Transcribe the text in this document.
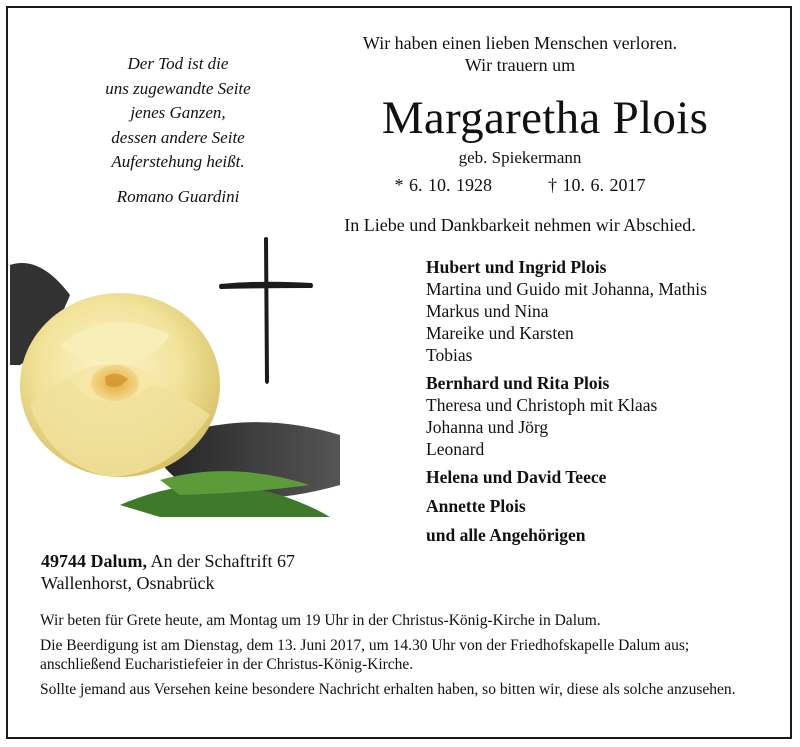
Der Tod ist die
uns zugewandte Seite
jenes Ganzen,
dessen andere Seite
Auferstehung heißt.
Romano Guardini
Wir haben einen lieben Menschen verloren.
Wir trauern um
Margaretha Plois
geb. Spiekermann
* 6. 10. 1928	† 10. 6. 2017
In Liebe und Dankbarkeit nehmen wir Abschied.
Hubert und Ingrid Plois
Martina und Guido mit Johanna, Mathis
Markus und Nina
Mareike und Karsten
Tobias
Bernhard und Rita Plois
Theresa und Christoph mit Klaas
Johanna und Jörg
Leonard
Helena und David Teece
Annette Plois
und alle Angehörigen
49744 Dalum, An der Schaftrift 67
Wallenhorst, Osnabrück

Wir beten für Grete heute, am Montag um 19 Uhr in der Christus-König-Kirche in Dalum.

Die Beerdigung ist am Dienstag, dem 13. Juni 2017, um 14.30 Uhr von der Friedhofskapelle Dalum aus; anschließend Eucharistiefeier in der Christus-König-Kirche.

Sollte jemand aus Versehen keine besondere Nachricht erhalten haben, so bitten wir, diese als solche anzusehen.
